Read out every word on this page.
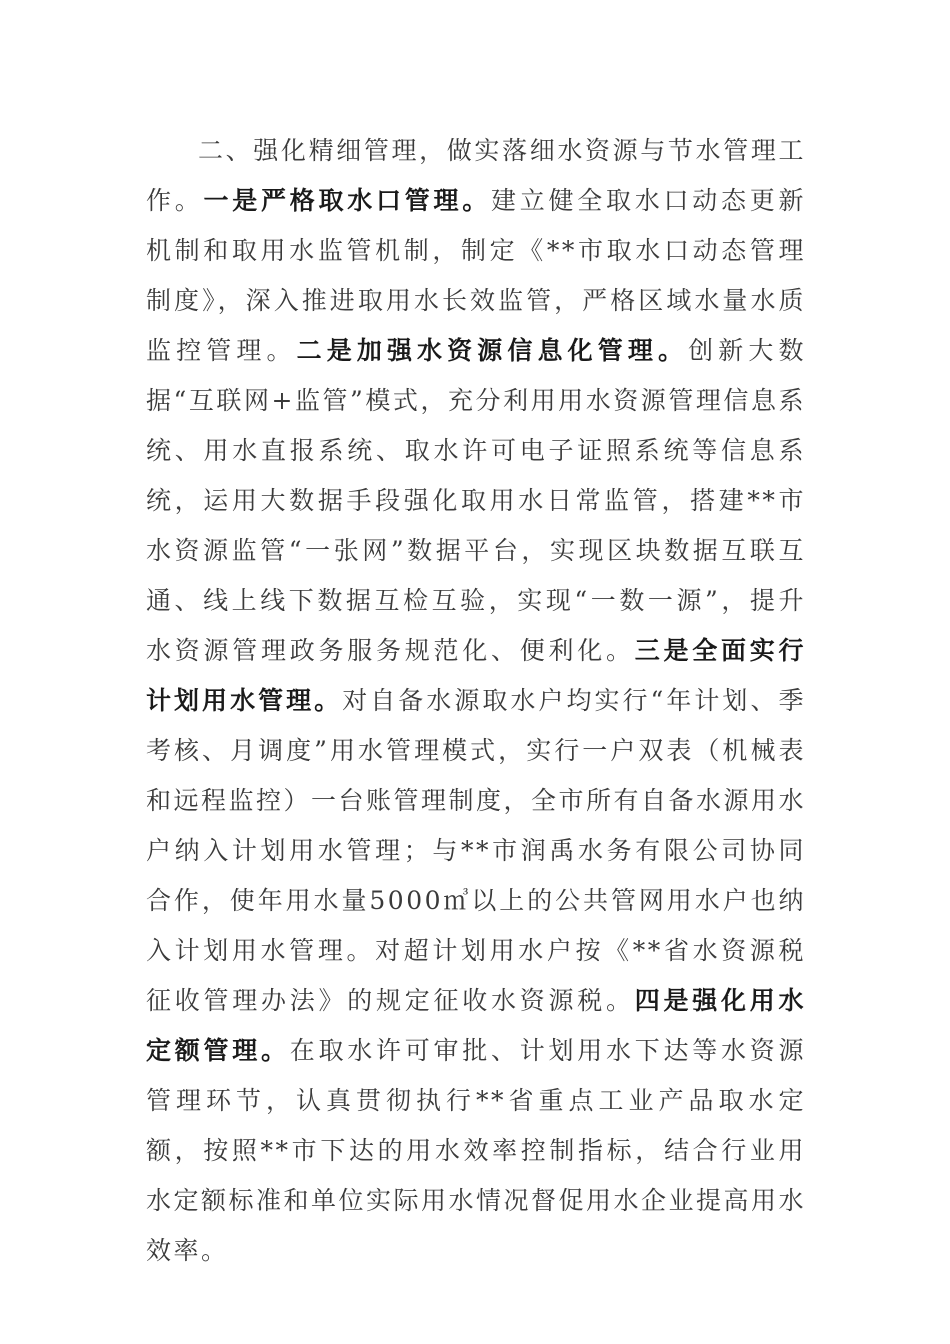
二、强化精细管理，做实落细水资源与节水管理工作。一是严格取水口管理。建立健全取水口动态更新机制和取用水监管机制，制定《**市取水口动态管理制度》，深入推进取用水长效监管，严格区域水量水质监控管理。二是加强水资源信息化管理。创新大数据“互联网+监管”模式，充分利用用水资源管理信息系统、用水直报系统、取水许可电子证照系统等信息系统，运用大数据手段强化取用水日常监管，搭建**市水资源监管“一张网”数据平台，实现区块数据互联互通、线上线下数据互检互验，实现“一数一源”，提升水资源管理政务服务规范化、便利化。三是全面实行计划用水管理。对自备水源取水户均实行“年计划、季考核、月调度”用水管理模式，实行一户双表（机械表和远程监控）一台账管理制度，全市所有自备水源用水户纳入计划用水管理；与**市润禹水务有限公司协同合作，使年用水量5000㎥以上的公共管网用水户也纳入计划用水管理。对超计划用水户按《**省水资源税征收管理办法》的规定征收水资源税。四是强化用水定额管理。在取水许可审批、计划用水下达等水资源管理环节，认真贯彻执行**省重点工业产品取水定额，按照**市下达的用水效率控制指标，结合行业用水定额标准和单位实际用水情况督促用水企业提高用水效率。
